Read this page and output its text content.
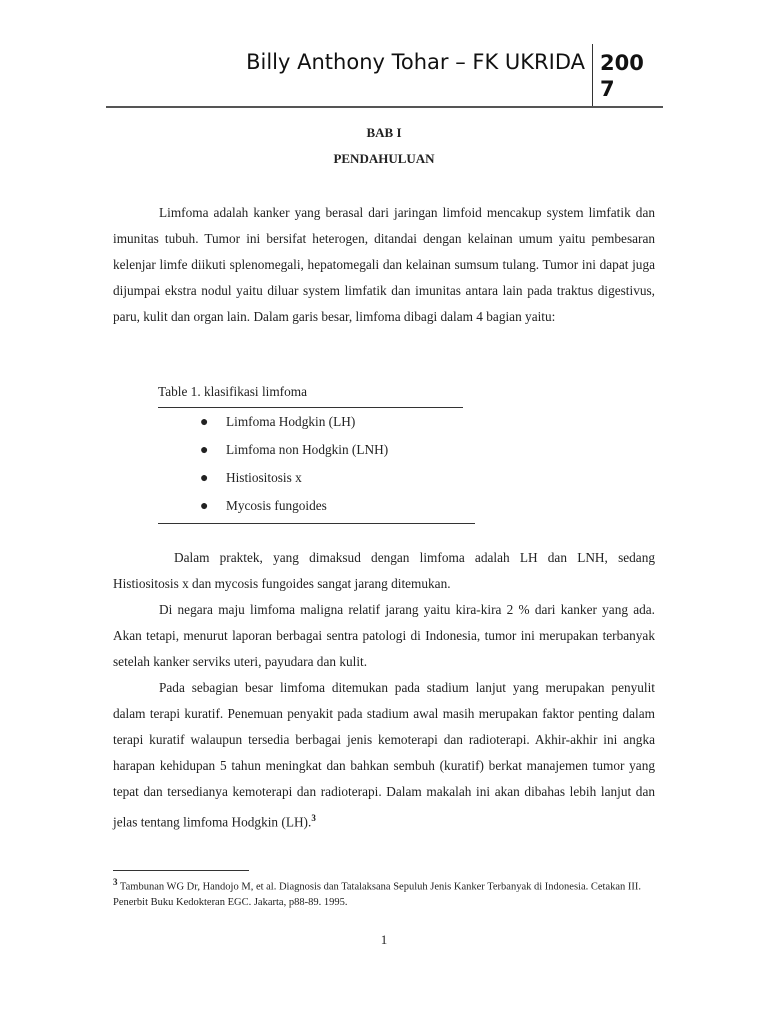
Billy Anthony Tohar – FK UKRIDA 2007
BAB I
PENDAHULUAN

Limfoma adalah kanker yang berasal dari jaringan limfoid mencakup system limfatik dan imunitas tubuh. Tumor ini bersifat heterogen, ditandai dengan kelainan umum yaitu pembesaran kelenjar limfe diikuti splenomegali, hepatomegali dan kelainan sumsum tulang. Tumor ini dapat juga dijumpai ekstra nodul yaitu diluar system limfatik dan imunitas antara lain pada traktus digestivus, paru, kulit dan organ lain. Dalam garis besar, limfoma dibagi dalam 4 bagian yaitu:

Table 1. klasifikasi limfoma
● Limfoma Hodgkin (LH)
● Limfoma non Hodgkin (LNH)
● Histiositosis x
● Mycosis fungoides

Dalam praktek, yang dimaksud dengan limfoma adalah LH dan LNH, sedang Histiositosis x dan mycosis fungoides sangat jarang ditemukan.

Di negara maju limfoma maligna relatif jarang yaitu kira-kira 2 % dari kanker yang ada. Akan tetapi, menurut laporan berbagai sentra patologi di Indonesia, tumor ini merupakan terbanyak setelah kanker serviks uteri, payudara dan kulit.

Pada sebagian besar limfoma ditemukan pada stadium lanjut yang merupakan penyulit dalam terapi kuratif. Penemuan penyakit pada stadium awal masih merupakan faktor penting dalam terapi kuratif walaupun tersedia berbagai jenis kemoterapi dan radioterapi. Akhir-akhir ini angka harapan kehidupan 5 tahun meningkat dan bahkan sembuh (kuratif) berkat manajemen tumor yang tepat dan tersedianya kemoterapi dan radioterapi. Dalam makalah ini akan dibahas lebih lanjut dan jelas tentang limfoma Hodgkin (LH).$^3$

$^3$ Tambunan WG Dr, Handojo M, et al. Diagnosis dan Tatalaksana Sepuluh Jenis Kanker Terbanyak di Indonesia. Cetakan III. Penerbit Buku Kedokteran EGC. Jakarta, p88-89. 1995.
1
